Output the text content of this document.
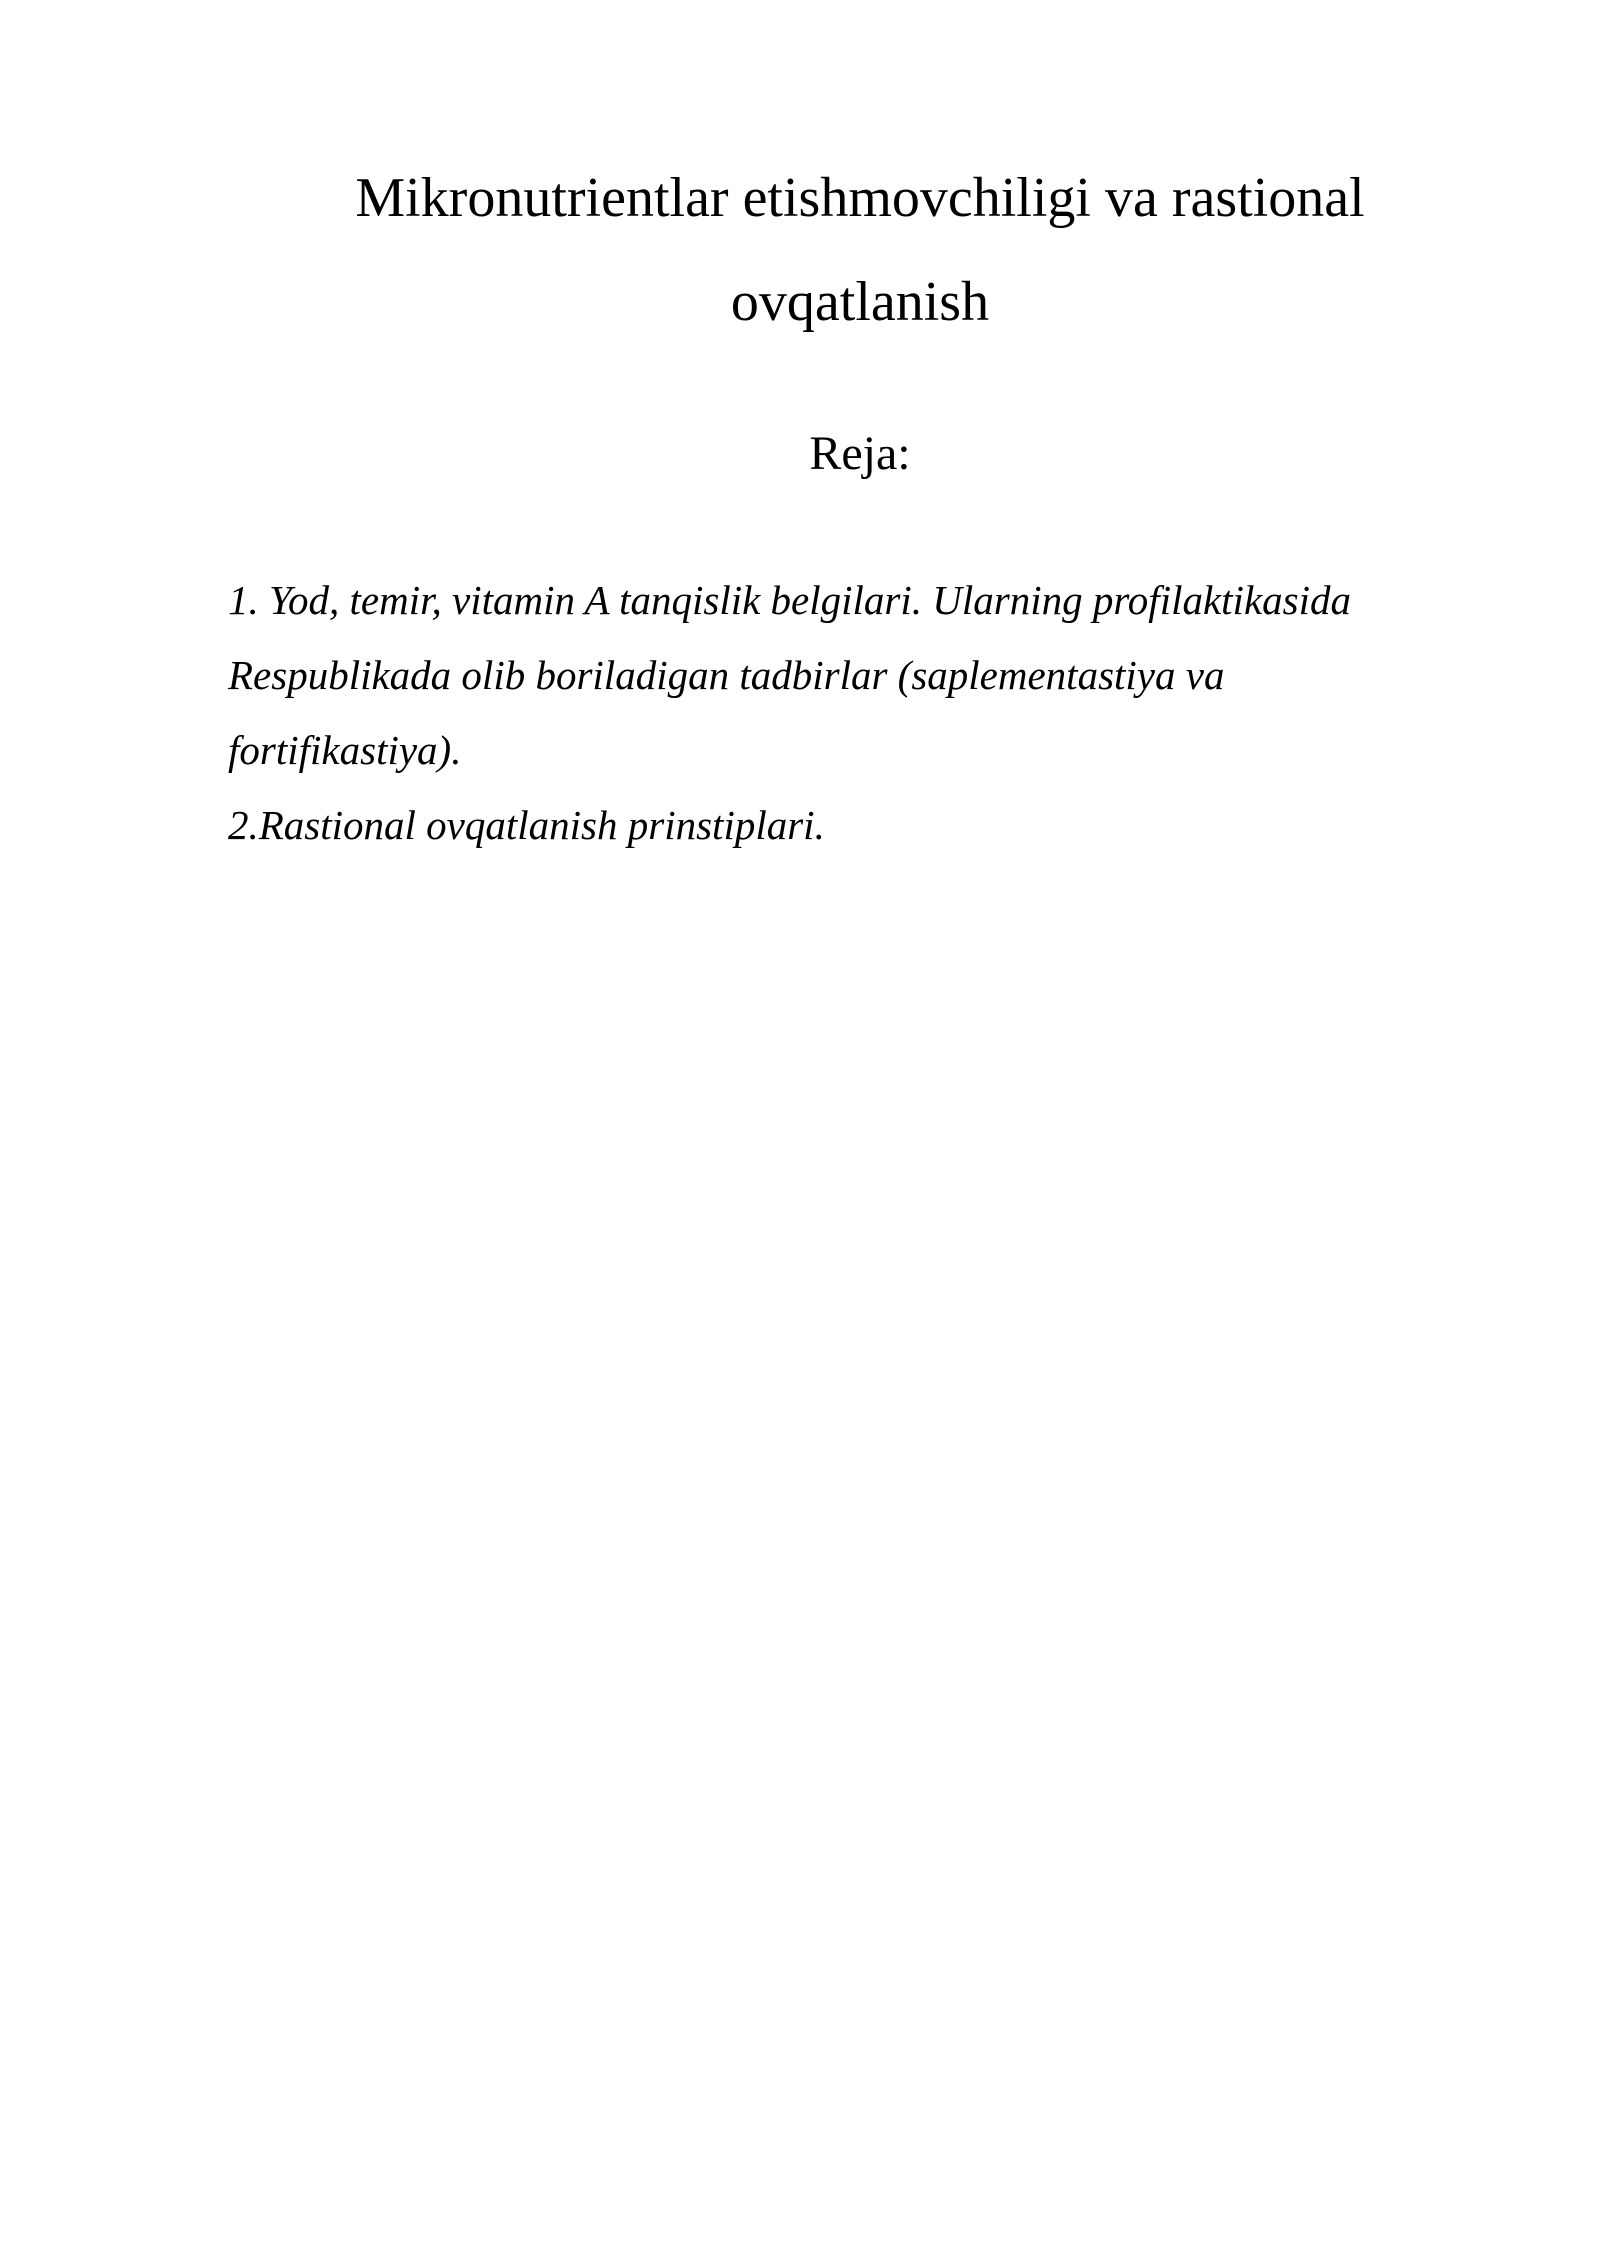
Mikronutrientlar etishmovchiligi va rastional
ovqatlanish
Reja:
1. Yod, temir, vitamin A tanqislik belgilari. Ularning profilaktikasida
Respublikada olib boriladigan tadbirlar (saplementastiya va
fortifikastiya).
2.Rastional ovqatlanish prinstiplari.
